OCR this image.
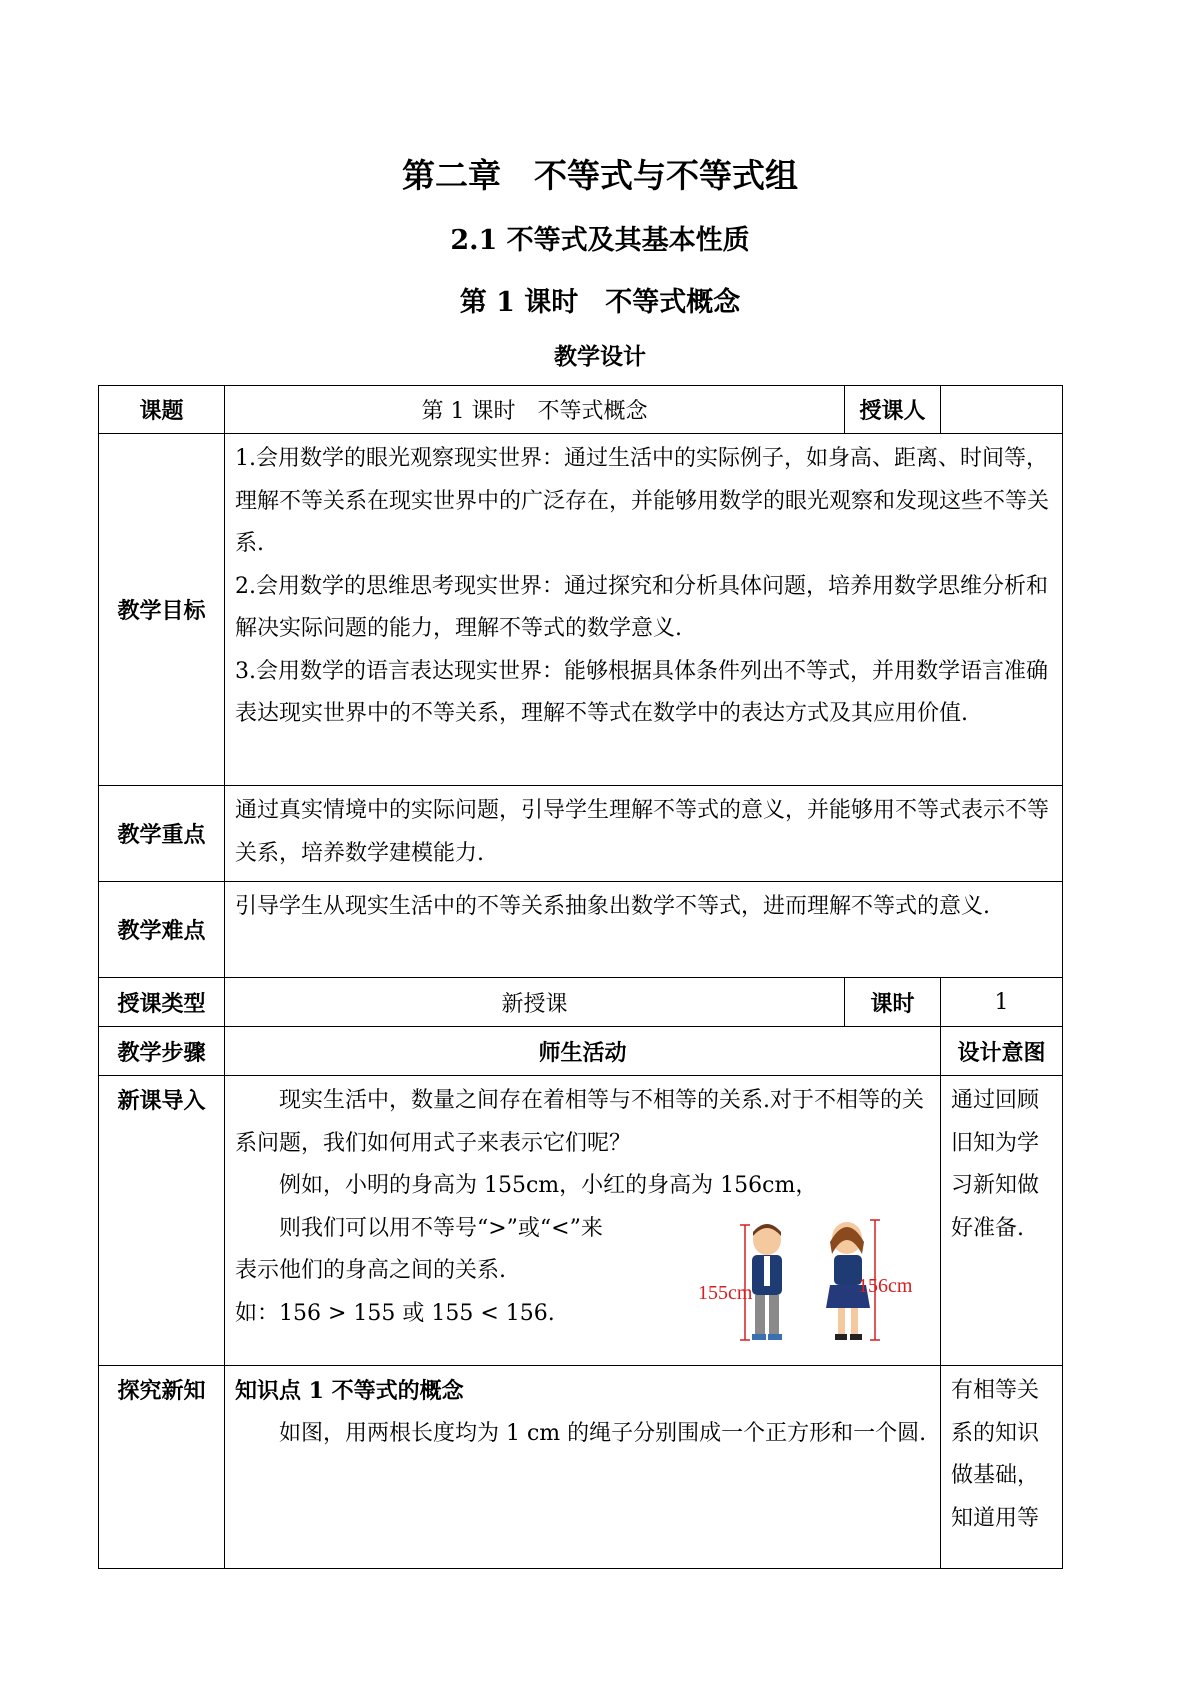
第二章　不等式与不等式组
2.1 不等式及其基本性质
第 1 课时　不等式概念
教学设计
课题	第 1 课时　不等式概念	授课人	
教学目标	1.会用数学的眼光观察现实世界：通过生活中的实际例子，如身高、距离、时间等，理解不等关系在现实世界中的广泛存在，并能够用数学的眼光观察和发现这些不等关系.

2.会用数学的思维思考现实世界：通过探究和分析具体问题，培养用数学思维分析和解决实际问题的能力，理解不等式的数学意义.

3.会用数学的语言表达现实世界：能够根据具体条件列出不等式，并用数学语言准确表达现实世界中的不等关系，理解不等式在数学中的表达方式及其应用价值.		

教学重点	通过真实情境中的实际问题，引导学生理解不等式的意义，并能够用不等式表示不等关系，培养数学建模能力.		
教学难点	引导学生从现实生活中的不等关系抽象出数学不等式，进而理解不等式的意义.		
授课类型	新授课	课时	1
教学步骤	师生活动		设计意图
新课导入	现实生活中，数量之间存在着相等与不相等的关系.对于不相等的关系问题，我们如何用式子来表示它们呢？

例如，小明的身高为 155cm，小红的身高为 156cm，

则我们可以用不等号“>”或“<”来

表示他们的身高之间的关系.

如：156 > 155 或 155 < 156.		通过回顾旧知为学习新知做好准备.
探究新知	知识点 1 不等式的概念

如图，用两根长度均为 1 cm 的绳子分别围成一个正方形和一个圆.		有相等关系的知识做基础，知道用等
155cm	156cm
